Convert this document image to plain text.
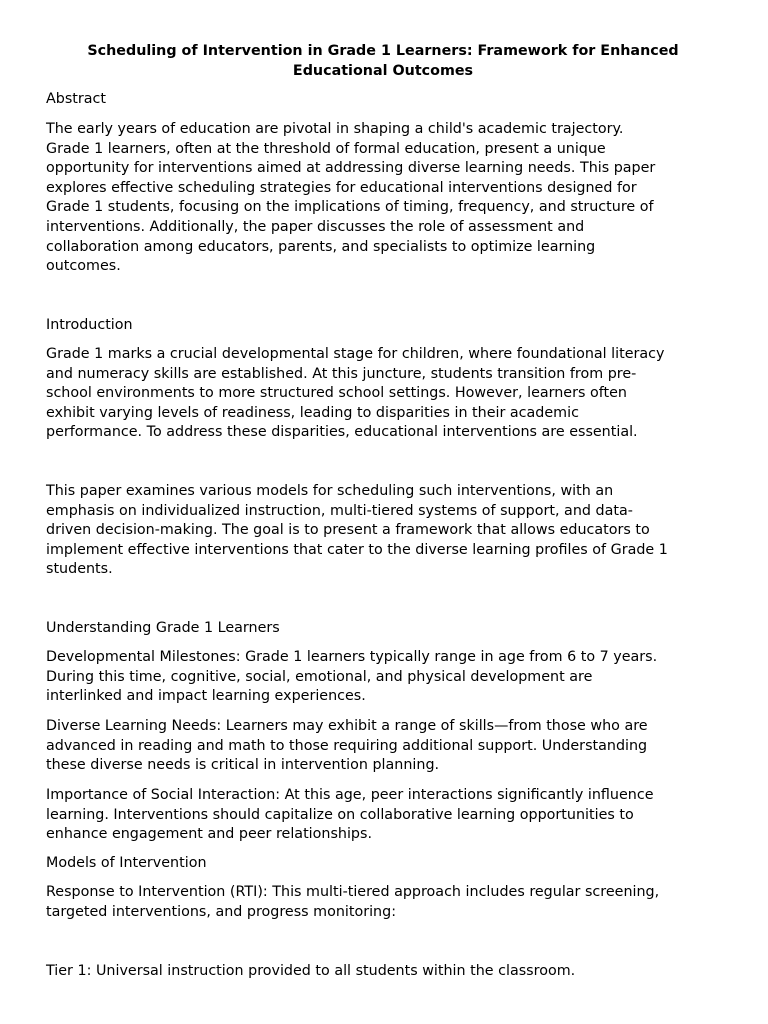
Scheduling of Intervention in Grade 1 Learners: Framework for Enhanced
Educational Outcomes

Abstract

The early years of education are pivotal in shaping a child's academic trajectory.
Grade 1 learners, often at the threshold of formal education, present a unique
opportunity for interventions aimed at addressing diverse learning needs. This paper
explores effective scheduling strategies for educational interventions designed for
Grade 1 students, focusing on the implications of timing, frequency, and structure of
interventions. Additionally, the paper discusses the role of assessment and
collaboration among educators, parents, and specialists to optimize learning
outcomes.

Introduction

Grade 1 marks a crucial developmental stage for children, where foundational literacy
and numeracy skills are established. At this juncture, students transition from pre-
school environments to more structured school settings. However, learners often
exhibit varying levels of readiness, leading to disparities in their academic
performance. To address these disparities, educational interventions are essential.

This paper examines various models for scheduling such interventions, with an
emphasis on individualized instruction, multi-tiered systems of support, and data-
driven decision-making. The goal is to present a framework that allows educators to
implement effective interventions that cater to the diverse learning profiles of Grade 1
students.

Understanding Grade 1 Learners

Developmental Milestones: Grade 1 learners typically range in age from 6 to 7 years.
During this time, cognitive, social, emotional, and physical development are
interlinked and impact learning experiences.

Diverse Learning Needs: Learners may exhibit a range of skills—from those who are
advanced in reading and math to those requiring additional support. Understanding
these diverse needs is critical in intervention planning.

Importance of Social Interaction: At this age, peer interactions significantly influence
learning. Interventions should capitalize on collaborative learning opportunities to
enhance engagement and peer relationships.

Models of Intervention

Response to Intervention (RTI): This multi-tiered approach includes regular screening,
targeted interventions, and progress monitoring:

Tier 1: Universal instruction provided to all students within the classroom.
